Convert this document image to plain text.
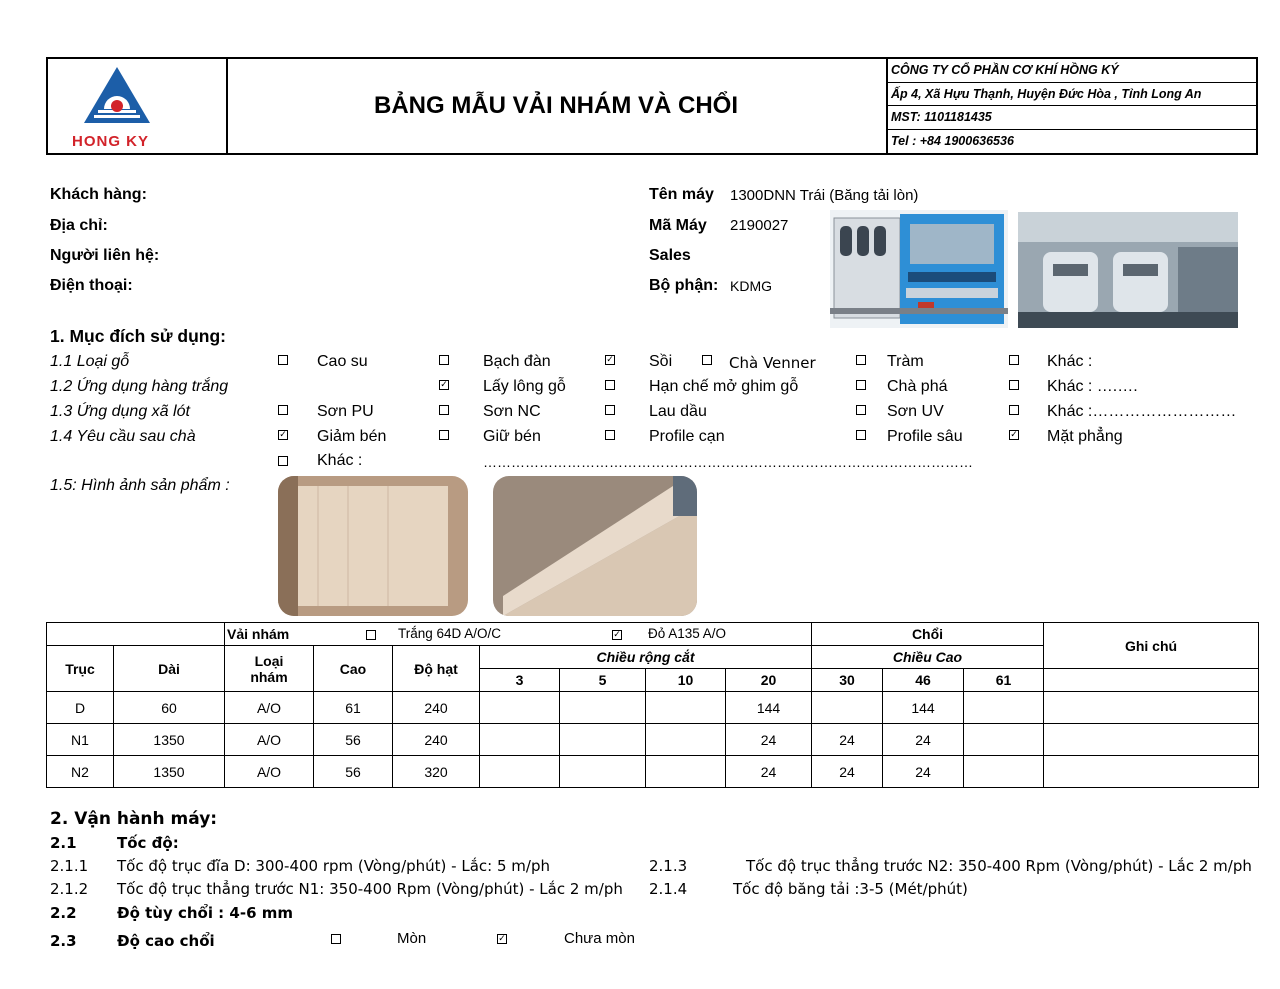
HONG KY
BẢNG MẪU VẢI NHÁM VÀ CHỔI
CÔNG TY CỔ PHẦN CƠ KHÍ HỒNG KÝ
Ấp 4, Xã Hựu Thạnh, Huyện Đức Hòa , Tỉnh Long An
MST: 1101181435
Tel : +84 1900636536
Khách hàng:
Địa chỉ:
Người liên hệ:
Điện thoại:
Tên máy 1300DNN Trái (Băng tải lòn)
Mã Máy 2190027
Sales
Bộ phận: KDMG
1. Mục đích sử dụng:
1.1 Loại gỗ	Cao su	Bạch đàn	✓ Sồi	Chà Venner	Tràm	Khác :
1.2 Ứng dụng hàng trắng	✓ Lấy lông gỗ	Hạn chế mở ghim gỗ	Chà phá	Khác : ….….
1.3 Ứng dụng xã lót	Sơn PU	Sơn NC	Lau dầu	Sơn UV	Khác :………………………
1.4 Yêu cầu sau chà	✓ Giảm bén	Giữ bén	Profile cạn	Profile sâu	✓ Mặt phẳng
Khác :	……………………………………………………………………………………………
1.5: Hình ảnh sản phẩm :
		Vải nhám Trắng 64D A/O/C ✓ Đỏ A135 A/O							Chổi			Ghi chú
Trục	Dài	Loại nhám	Cao	Độ hạt	Chiều rộng cắt				Chiều Cao			
					3	5	10	20	30	46	61	
D	60	A/O	61	240				144		144		
N1	1350	A/O	56	240				24	24	24		
N2	1350	A/O	56	320				24	24	24		
2. Vận hành máy:
2.1	Tốc độ:
2.1.1 Tốc độ trục đĩa D: 300-400 rpm (Vòng/phút) - Lắc: 5 m/ph	2.1.3	Tốc độ trục thẳng trước N2: 350-400 Rpm (Vòng/phút) - Lắc 2 m/ph
2.1.2 Tốc độ trục thẳng trước N1: 350-400 Rpm (Vòng/phút) - Lắc 2 m/ph 2.1.4	Tốc độ băng tải :3-5 (Mét/phút)
2.2	Độ tùy chổi : 4-6 mm
2.3	Độ cao chổi	Mòn	✓	Chưa mòn
